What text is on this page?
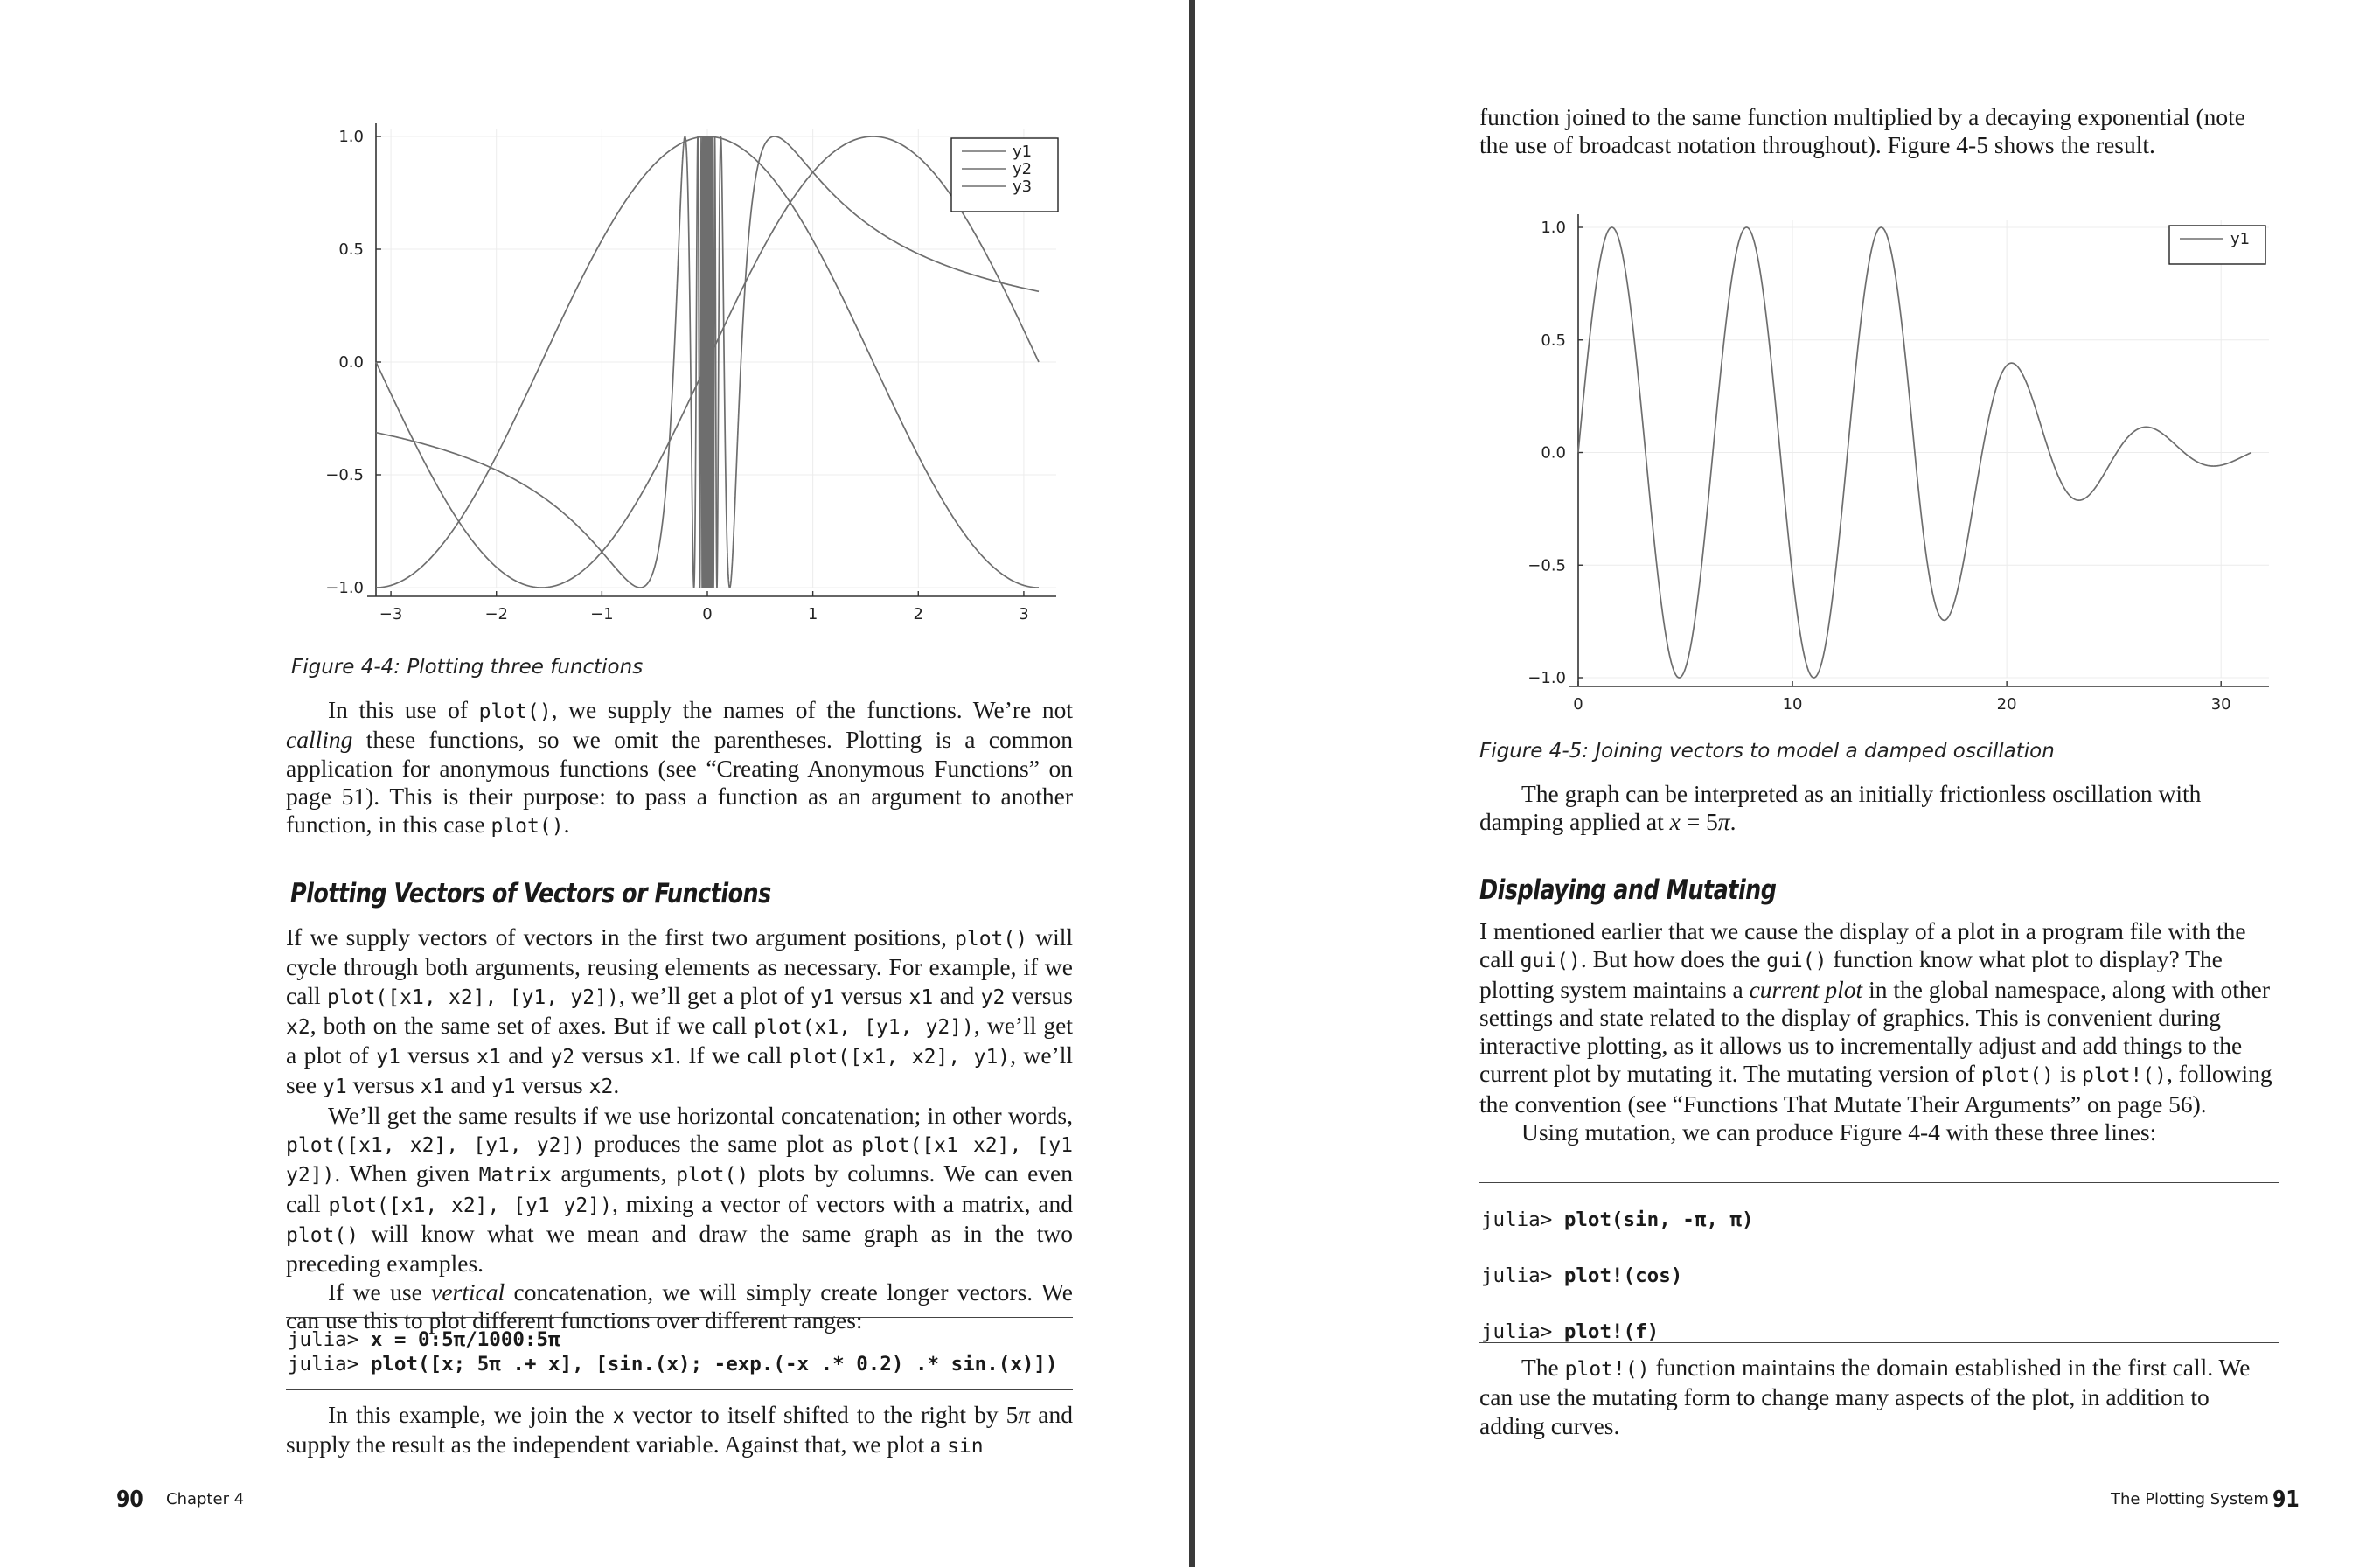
−3	−2	−1	0	1	2	3
1.0
0.5
0.0
−0.5
−1.0
y1
y2
y3

Figure 4-4: Plotting three functions

In this use of plot(), we supply the names of the functions. We’re not calling these functions, so we omit the parentheses. Plotting is a common application for anonymous functions (see “Creating Anonymous Functions” on page 51). This is their purpose: to pass a function as an argument to another function, in this case plot().

Plotting Vectors of Vectors or Functions

If we supply vectors of vectors in the first two argument positions, plot() will cycle through both arguments, reusing elements as necessary. For example, if we call plot([x1, x2], [y1, y2]), we’ll get a plot of y1 versus x1 and y2 versus x2, both on the same set of axes. But if we call plot(x1, [y1, y2]), we’ll get a plot of y1 versus x1 and y2 versus x1. If we call plot([x1, x2], y1), we’ll see y1 versus x1 and y1 versus x2.

We’ll get the same results if we use horizontal concatenation; in other words, plot([x1, x2], [y1, y2]) produces the same plot as plot([x1 x2], [y1 y2]). When given Matrix arguments, plot() plots by columns. We can even call plot([x1, x2], [y1 y2]), mixing a vector of vectors with a matrix, and plot() will know what we mean and draw the same graph as in the two preceding examples.

If we use vertical concatenation, we will simply create longer vectors. We can use this to plot different functions over different ranges:

julia> x = 0:5π/1000:5π
julia> plot([x; 5π .+ x], [sin.(x); -exp.(-x .* 0.2) .* sin.(x)])

In this example, we join the x vector to itself shifted to the right by 5π and supply the result as the independent variable. Against that, we plot a sin

90	Chapter 4

function joined to the same function multiplied by a decaying exponential (note the use of broadcast notation throughout). Figure 4-5 shows the result.

0	10	20	30
1.0
0.5
0.0
−0.5
−1.0
y1

Figure 4-5: Joining vectors to model a damped oscillation

The graph can be interpreted as an initially frictionless oscillation with damping applied at x = 5π.

Displaying and Mutating

I mentioned earlier that we cause the display of a plot in a program file with the call gui(). But how does the gui() function know what plot to display? The plotting system maintains a current plot in the global namespace, along with other settings and state related to the display of graphics. This is convenient during interactive plotting, as it allows us to incrementally adjust and add things to the current plot by mutating it. The mutating version of plot() is plot!(), following the convention (see “Functions That Mutate Their Arguments” on page 56).

Using mutation, we can produce Figure 4-4 with these three lines:

julia> plot(sin, -π, π)
julia> plot!(cos)
julia> plot!(f)

The plot!() function maintains the domain established in the first call. We can use the mutating form to change many aspects of the plot, in addition to adding curves.

The Plotting System 91
